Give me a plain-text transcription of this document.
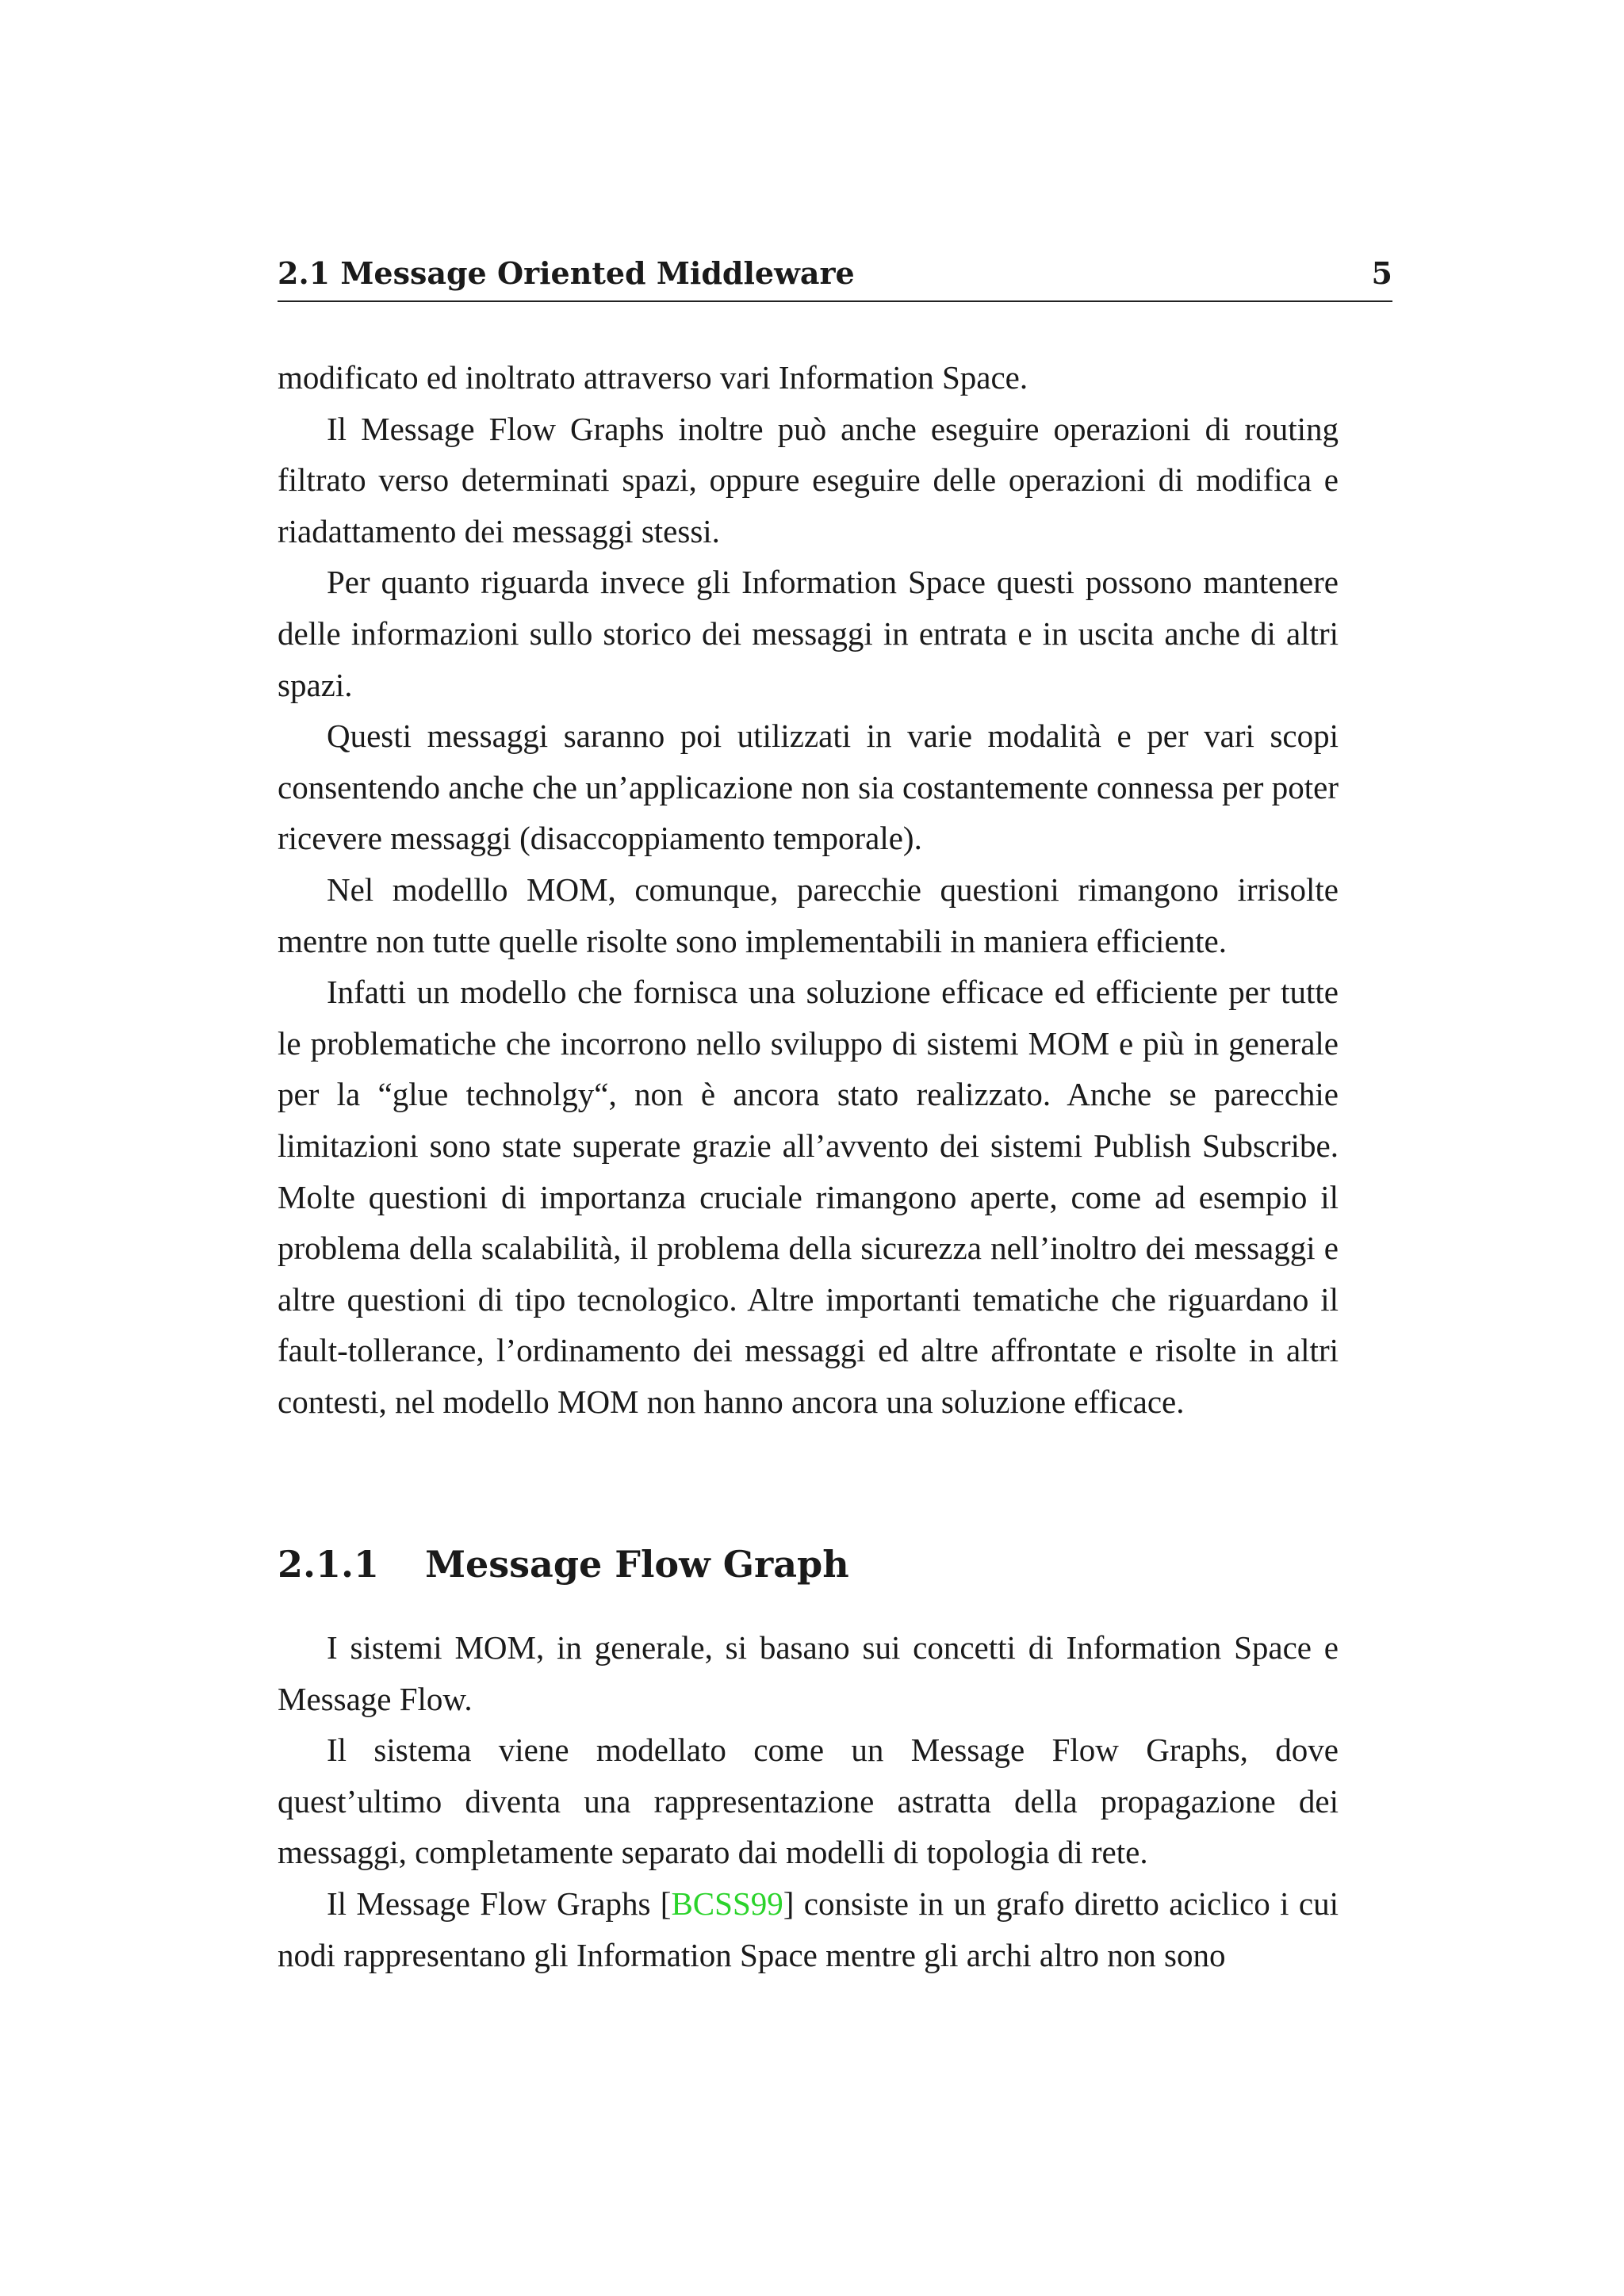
2.1 Message Oriented Middleware	5

modificato ed inoltrato attraverso vari Information Space.

Il Message Flow Graphs inoltre può anche eseguire operazioni di routing filtrato verso determinati spazi, oppure eseguire delle operazioni di modifica e riadattamento dei messaggi stessi.

Per quanto riguarda invece gli Information Space questi possono mantenere delle informazioni sullo storico dei messaggi in entrata e in uscita anche di altri spazi.

Questi messaggi saranno poi utilizzati in varie modalità e per vari scopi consentendo anche che un’applicazione non sia costantemente connessa per poter ricevere messaggi (disaccoppiamento temporale).

Nel modelllo MOM, comunque, parecchie questioni rimangono irrisolte mentre non tutte quelle risolte sono implementabili in maniera efficiente.

Infatti un modello che fornisca una soluzione efficace ed efficiente per tutte le problematiche che incorrono nello sviluppo di sistemi MOM e più in generale per la “glue technolgy“, non è ancora stato realizzato. Anche se parecchie limitazioni sono state superate grazie all’avvento dei sistemi Publish Subscribe. Molte questioni di importanza cruciale rimangono aperte, come ad esempio il problema della scalabilità, il problema della sicurezza nell’inoltro dei messaggi e altre questioni di tipo tecnologico. Altre importanti tematiche che riguardano il fault-tollerance, l’ordinamento dei messaggi ed altre affrontate e risolte in altri contesti, nel modello MOM non hanno ancora una soluzione efficace.

2.1.1 Message Flow Graph

I sistemi MOM, in generale, si basano sui concetti di Information Space e Message Flow.

Il sistema viene modellato come un Message Flow Graphs, dove quest’ultimo diventa una rappresentazione astratta della propagazione dei messaggi, completamente separato dai modelli di topologia di rete.

Il Message Flow Graphs [BCSS99] consiste in un grafo diretto aciclico i cui nodi rappresentano gli Information Space mentre gli archi altro non sono
